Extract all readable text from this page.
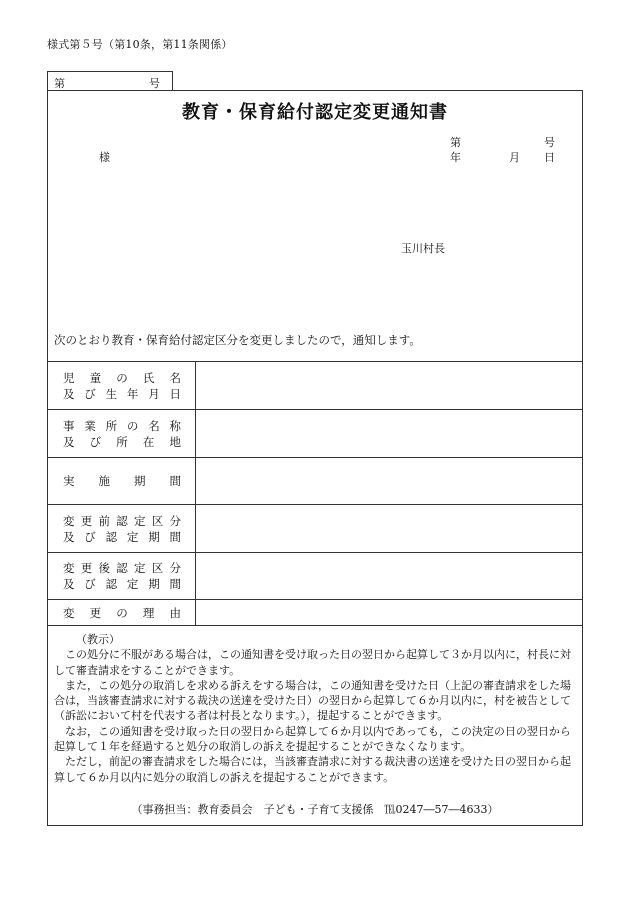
様式第５号（第10条，第11条関係）
第	号
教育・保育給付認定変更通知書
様
第	号
年	月 日
玉川村長
次のとおり教育・保育給付認定区分を変更しましたので，通知します。
児童の氏名
及び生年月日	

事業所の名称
及び所在地	

実施期間	

変更前認定区分
及び認定期間	

変更後認定区分
及び認定期間	

変更の理由	

（教示）

この処分に不服がある場合は，この通知書を受け取った日の翌日から起算して３か月以内に，村長に対して審査請求をすることができます。

また，この処分の取消しを求める訴えをする場合は，この通知書を受けた日（上記の審査請求をした場合は，当該審査請求に対する裁決の送達を受けた日）の翌日から起算して６か月以内に，村を被告として（訴訟において村を代表する者は村長となります。），提起することができます。

なお，この通知書を受け取った日の翌日から起算して６か月以内であっても，この決定の日の翌日から起算して１年を経過すると処分の取消しの訴えを提起することができなくなります。

ただし，前記の審査請求をした場合には，当該審査請求に対する裁決書の送達を受けた日の翌日から起算して６か月以内に処分の取消しの訴えを提起することができます。

（事務担当：教育委員会　子ども・子育て支援係　℡0247―57―4633）
